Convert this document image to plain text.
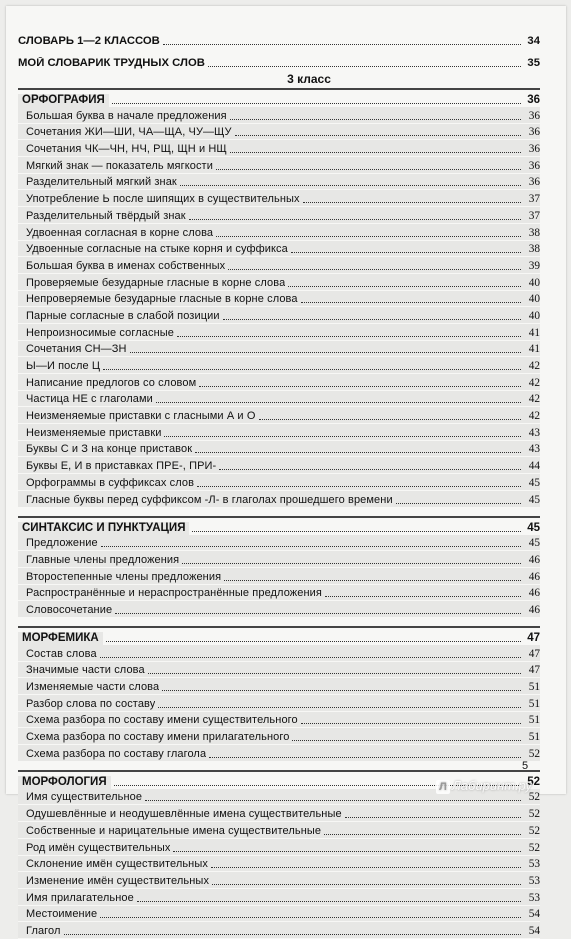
СЛОВАРЬ 1—2 КЛАССОВ	34
МОЙ СЛОВАРИК ТРУДНЫХ СЛОВ	35
3 класс
ОРФОГРАФИЯ	36
Большая буква в начале предложения	36
Сочетания ЖИ—ШИ, ЧА—ЩА, ЧУ—ЩУ	36
Сочетания ЧК—ЧН, НЧ, РЩ, ЩН и НЩ	36
Мягкий знак — показатель мягкости	36
Разделительный мягкий знак	36
Употребление Ь после шипящих в существительных	37
Разделительный твёрдый знак	37
Удвоенная согласная в корне слова	38
Удвоенные согласные на стыке корня и суффикса	38
Большая буква в именах собственных	39
Проверяемые безударные гласные в корне слова	40
Непроверяемые безударные гласные в корне слова	40
Парные согласные в слабой позиции	40
Непроизносимые согласные	41
Сочетания СН—ЗН	41
Ы—И после Ц	42
Написание предлогов со словом	42
Частица НЕ с глаголами	42
Неизменяемые приставки с гласными А и О	42
Неизменяемые приставки	43
Буквы С и З на конце приставок	43
Буквы Е, И в приставках ПРЕ-, ПРИ-	44
Орфограммы в суффиксах слов	45
Гласные буквы перед суффиксом -Л- в глаголах прошедшего времени	45
СИНТАКСИС И ПУНКТУАЦИЯ	45
Предложение	45
Главные члены предложения	46
Второстепенные члены предложения	46
Распространённые и нераспространённые предложения	46
Словосочетание	46
МОРФЕМИКА	47
Состав слова	47
Значимые части слова	47
Изменяемые части слова	51
Разбор слова по составу	51
Схема разбора по составу имени существительного	51
Схема разбора по составу имени прилагательного	51
Схема разбора по составу глагола	52
МОРФОЛОГИЯ	52
Имя существительное	52
Одушевлённые и неодушевлённые имена существительные	52
Собственные и нарицательные имена существительные	52
Род имён существительных	52
Склонение имён существительных	53
Изменение имён существительных	53
Имя прилагательное	53
Местоимение	54
Глагол	54
5
Л Лабиринт.ру
